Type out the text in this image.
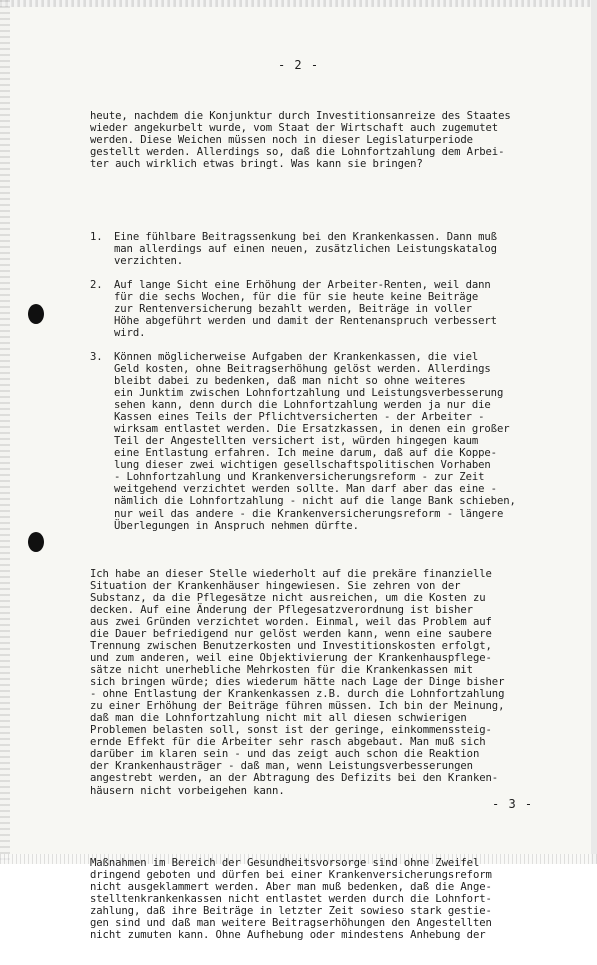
- 2 -

heute, nachdem die Konjunktur durch Investitionsanreize des Staates
wieder angekurbelt wurde, vom Staat der Wirtschaft auch zugemutet
werden. Diese Weichen müssen noch in dieser Legislaturperiode
gestellt werden. Allerdings so, daß die Lohnfortzahlung dem Arbei-
ter auch wirklich etwas bringt. Was kann sie bringen?

1.	Eine fühlbare Beitragssenkung bei den Krankenkassen. Dann muß
man allerdings auf einen neuen, zusätzlichen Leistungskatalog
verzichten.
2.	Auf lange Sicht eine Erhöhung der Arbeiter-Renten, weil dann
für die sechs Wochen, für die für sie heute keine Beiträge
zur Rentenversicherung bezahlt werden, Beiträge in voller
Höhe abgeführt werden und damit der Rentenanspruch verbessert
wird.
3.	Können möglicherweise Aufgaben der Krankenkassen, die viel
Geld kosten, ohne Beitragserhöhung gelöst werden. Allerdings
bleibt dabei zu bedenken, daß man nicht so ohne weiteres
ein Junktim zwischen Lohnfortzahlung und Leistungsverbesserung
sehen kann, denn durch die Lohnfortzahlung werden ja nur die
Kassen eines Teils der Pflichtversicherten - der Arbeiter -
wirksam entlastet werden. Die Ersatzkassen, in denen ein großer
Teil der Angestellten versichert ist, würden hingegen kaum
eine Entlastung erfahren. Ich meine darum, daß auf die Koppe-
lung dieser zwei wichtigen gesellschaftspolitischen Vorhaben
- Lohnfortzahlung und Krankenversicherungsreform - zur Zeit
weitgehend verzichtet werden sollte. Man darf aber das eine -
nämlich die Lohnfortzahlung - nicht auf die lange Bank schieben,
nur weil das andere - die Krankenversicherungsreform - längere
Überlegungen in Anspruch nehmen dürfte.

Ich habe an dieser Stelle wiederholt auf die prekäre finanzielle
Situation der Krankenhäuser hingewiesen. Sie zehren von der
Substanz, da die Pflegesätze nicht ausreichen, um die Kosten zu
decken. Auf eine Änderung der Pflegesatzverordnung ist bisher
aus zwei Gründen verzichtet worden. Einmal, weil das Problem auf
die Dauer befriedigend nur gelöst werden kann, wenn eine saubere
Trennung zwischen Benutzerkosten und Investitionskosten erfolgt,
und zum anderen, weil eine Objektivierung der Krankenhauspflege-
sätze nicht unerhebliche Mehrkosten für die Krankenkassen mit
sich bringen würde; dies wiederum hätte nach Lage der Dinge bisher
- ohne Entlastung der Krankenkassen z.B. durch die Lohnfortzahlung
zu einer Erhöhung der Beiträge führen müssen. Ich bin der Meinung,
daß man die Lohnfortzahlung nicht mit all diesen schwierigen
Problemen belasten soll, sonst ist der geringe, einkommenssteig-
ernde Effekt für die Arbeiter sehr rasch abgebaut. Man muß sich
darüber im klaren sein - und das zeigt auch schon die Reaktion
der Krankenhausträger - daß man, wenn Leistungsverbesserungen
angestrebt werden, an der Abtragung des Defizits bei den Kranken-
häusern nicht vorbeigehen kann.

Maßnahmen im Bereich der Gesundheitsvorsorge sind ohne Zweifel
dringend geboten und dürfen bei einer Krankenversicherungsreform
nicht ausgeklammert werden. Aber man muß bedenken, daß die Ange-
stelltenkrankenkassen nicht entlastet werden durch die Lohnfort-
zahlung, daß ihre Beiträge in letzter Zeit sowieso stark gestie-
gen sind und daß man weitere Beitragserhöhungen den Angestellten
nicht zumuten kann. Ohne Aufhebung oder mindestens Anhebung der

- 3 -
